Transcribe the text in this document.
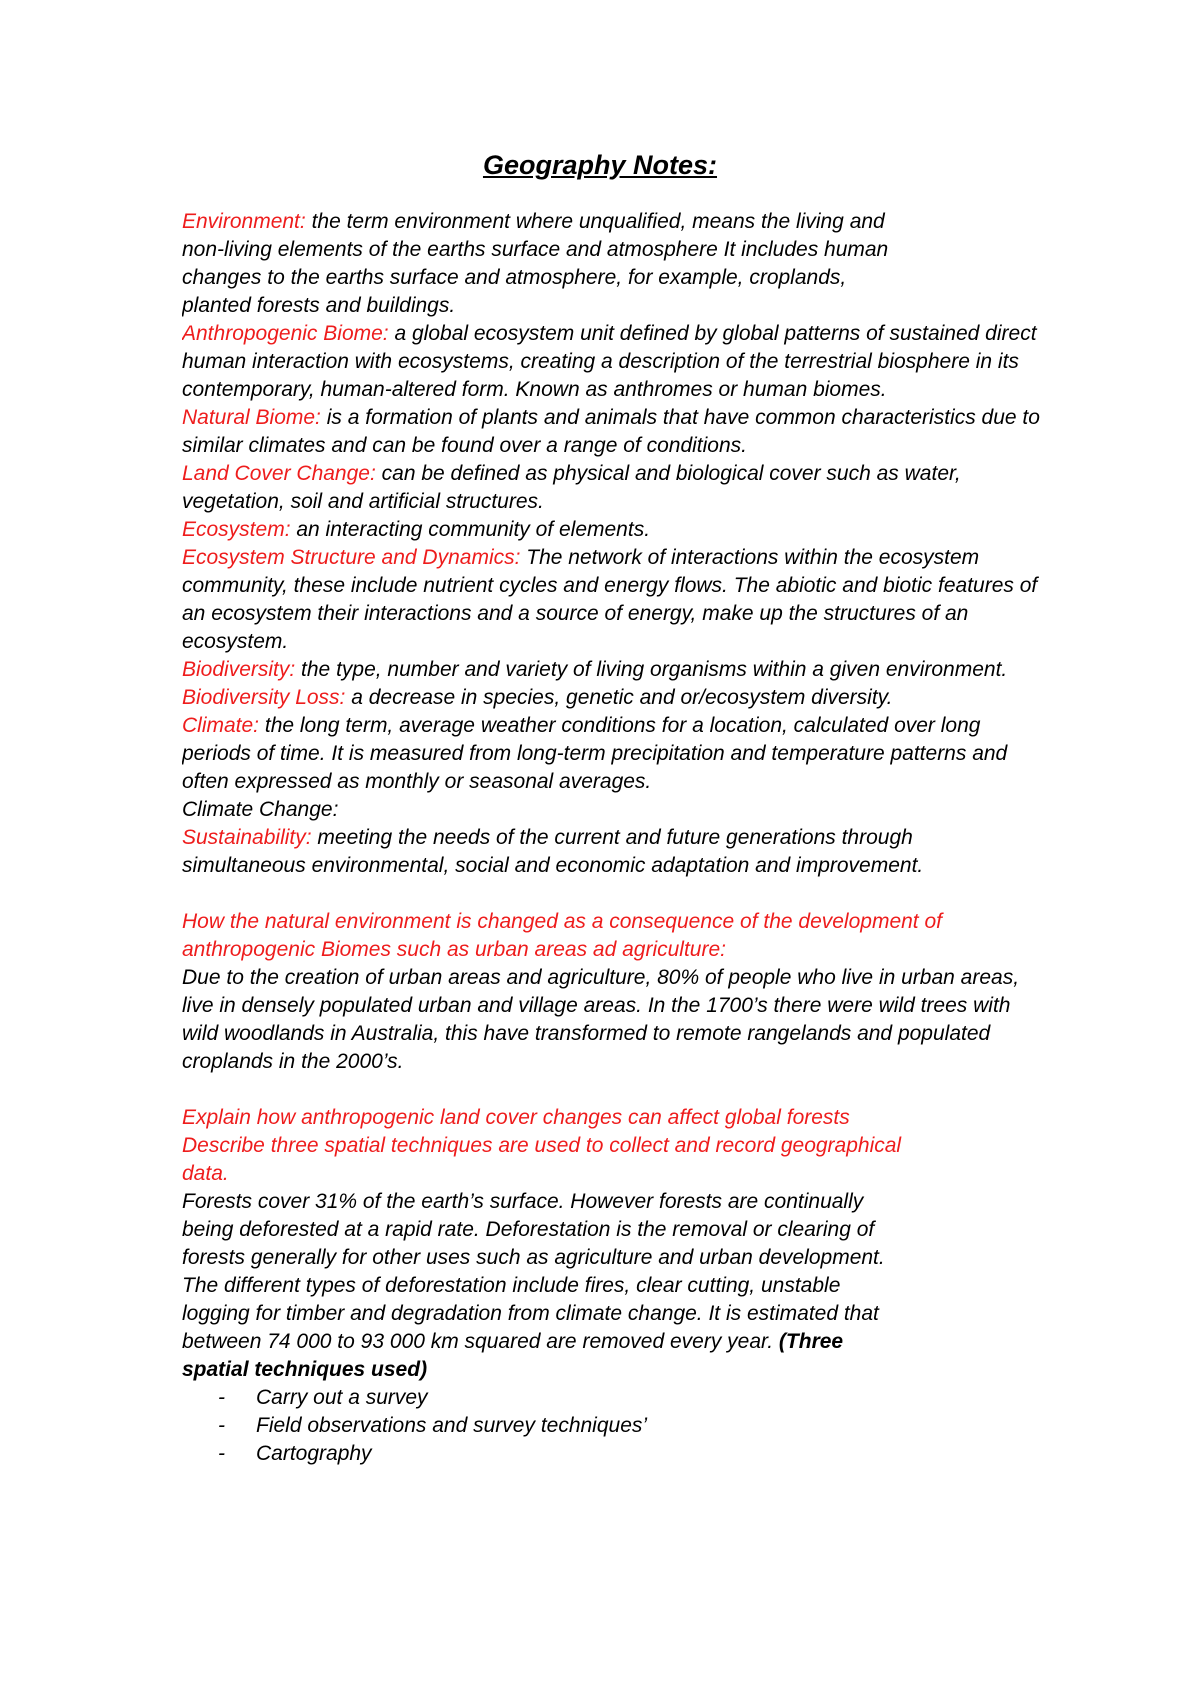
Geography Notes:
Environment: the term environment where unqualified, means the living and
non-living elements of the earths surface and atmosphere It includes human
changes to the earths surface and atmosphere, for example, croplands,
planted forests and buildings.
Anthropogenic Biome: a global ecosystem unit defined by global patterns of sustained direct
human interaction with ecosystems, creating a description of the terrestrial biosphere in its
contemporary, human-altered form. Known as anthromes or human biomes.
Natural Biome: is a formation of plants and animals that have common characteristics due to
similar climates and can be found over a range of conditions.
Land Cover Change: can be defined as physical and biological cover such as water,
vegetation, soil and artificial structures.
Ecosystem: an interacting community of elements.
Ecosystem Structure and Dynamics: The network of interactions within the ecosystem
community, these include nutrient cycles and energy flows. The abiotic and biotic features of
an ecosystem their interactions and a source of energy, make up the structures of an
ecosystem.
Biodiversity: the type, number and variety of living organisms within a given environment.
Biodiversity Loss: a decrease in species, genetic and or/ecosystem diversity.
Climate: the long term, average weather conditions for a location, calculated over long
periods of time. It is measured from long-term precipitation and temperature patterns and
often expressed as monthly or seasonal averages.
Climate Change:
Sustainability: meeting the needs of the current and future generations through
simultaneous environmental, social and economic adaptation and improvement.
How the natural environment is changed as a consequence of the development of
anthropogenic Biomes such as urban areas ad agriculture:
Due to the creation of urban areas and agriculture, 80% of people who live in urban areas,
live in densely populated urban and village areas. In the 1700’s there were wild trees with
wild woodlands in Australia, this have transformed to remote rangelands and populated
croplands in the 2000’s.
Explain how anthropogenic land cover changes can affect global forests
Describe three spatial techniques are used to collect and record geographical
data.
Forests cover 31% of the earth’s surface. However forests are continually
being deforested at a rapid rate. Deforestation is the removal or clearing of
forests generally for other uses such as agriculture and urban development.
The different types of deforestation include fires, clear cutting, unstable
logging for timber and degradation from climate change. It is estimated that
between 74 000 to 93 000 km squared are removed every year. (Three
spatial techniques used)
- Carry out a survey
- Field observations and survey techniques’
- Cartography
